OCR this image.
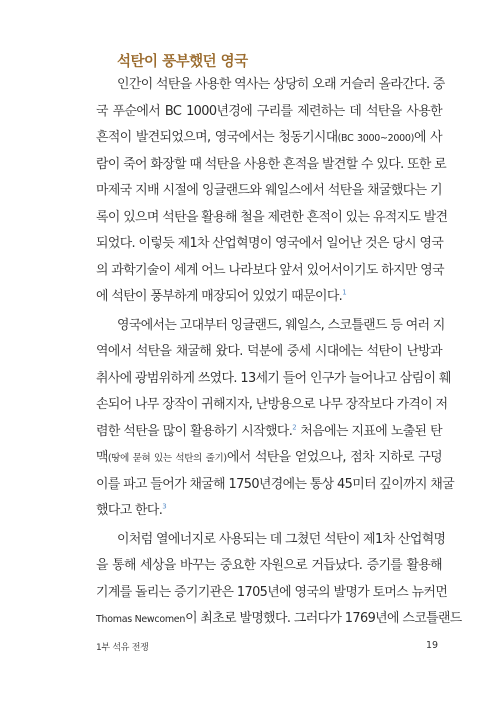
석탄이 풍부했던 영국
인간이 석탄을 사용한 역사는 상당히 오래 거슬러 올라간다. 중
국 푸순에서 BC 1000년경에 구리를 제련하는 데 석탄을 사용한
흔적이 발견되었으며, 영국에서는 청동기시대(BC 3000~2000)에 사
람이 죽어 화장할 때 석탄을 사용한 흔적을 발견할 수 있다. 또한 로
마제국 지배 시절에 잉글랜드와 웨일스에서 석탄을 채굴했다는 기
록이 있으며 석탄을 활용해 철을 제련한 흔적이 있는 유적지도 발견
되었다. 이렇듯 제1차 산업혁명이 영국에서 일어난 것은 당시 영국
의 과학기술이 세계 어느 나라보다 앞서 있어서이기도 하지만 영국
에 석탄이 풍부하게 매장되어 있었기 때문이다.$^1$
영국에서는 고대부터 잉글랜드, 웨일스, 스코틀랜드 등 여러 지
역에서 석탄을 채굴해 왔다. 덕분에 중세 시대에는 석탄이 난방과
취사에 광범위하게 쓰였다. 13세기 들어 인구가 늘어나고 삼림이 훼
손되어 나무 장작이 귀해지자, 난방용으로 나무 장작보다 가격이 저
렴한 석탄을 많이 활용하기 시작했다.$^2$ 처음에는 지표에 노출된 탄
맥(땅에 묻혀 있는 석탄의 줄기)에서 석탄을 얻었으나, 점차 지하로 구덩
이를 파고 들어가 채굴해 1750년경에는 통상 45미터 깊이까지 채굴
했다고 한다.$^3$
이처럼 열에너지로 사용되는 데 그쳤던 석탄이 제1차 산업혁명
을 통해 세상을 바꾸는 중요한 자원으로 거듭났다. 증기를 활용해
기계를 돌리는 증기기관은 1705년에 영국의 발명가 토머스 뉴커먼
Thomas Newcomen이 최초로 발명했다. 그러다가 1769년에 스코틀랜드
1부 석유 전쟁	19
